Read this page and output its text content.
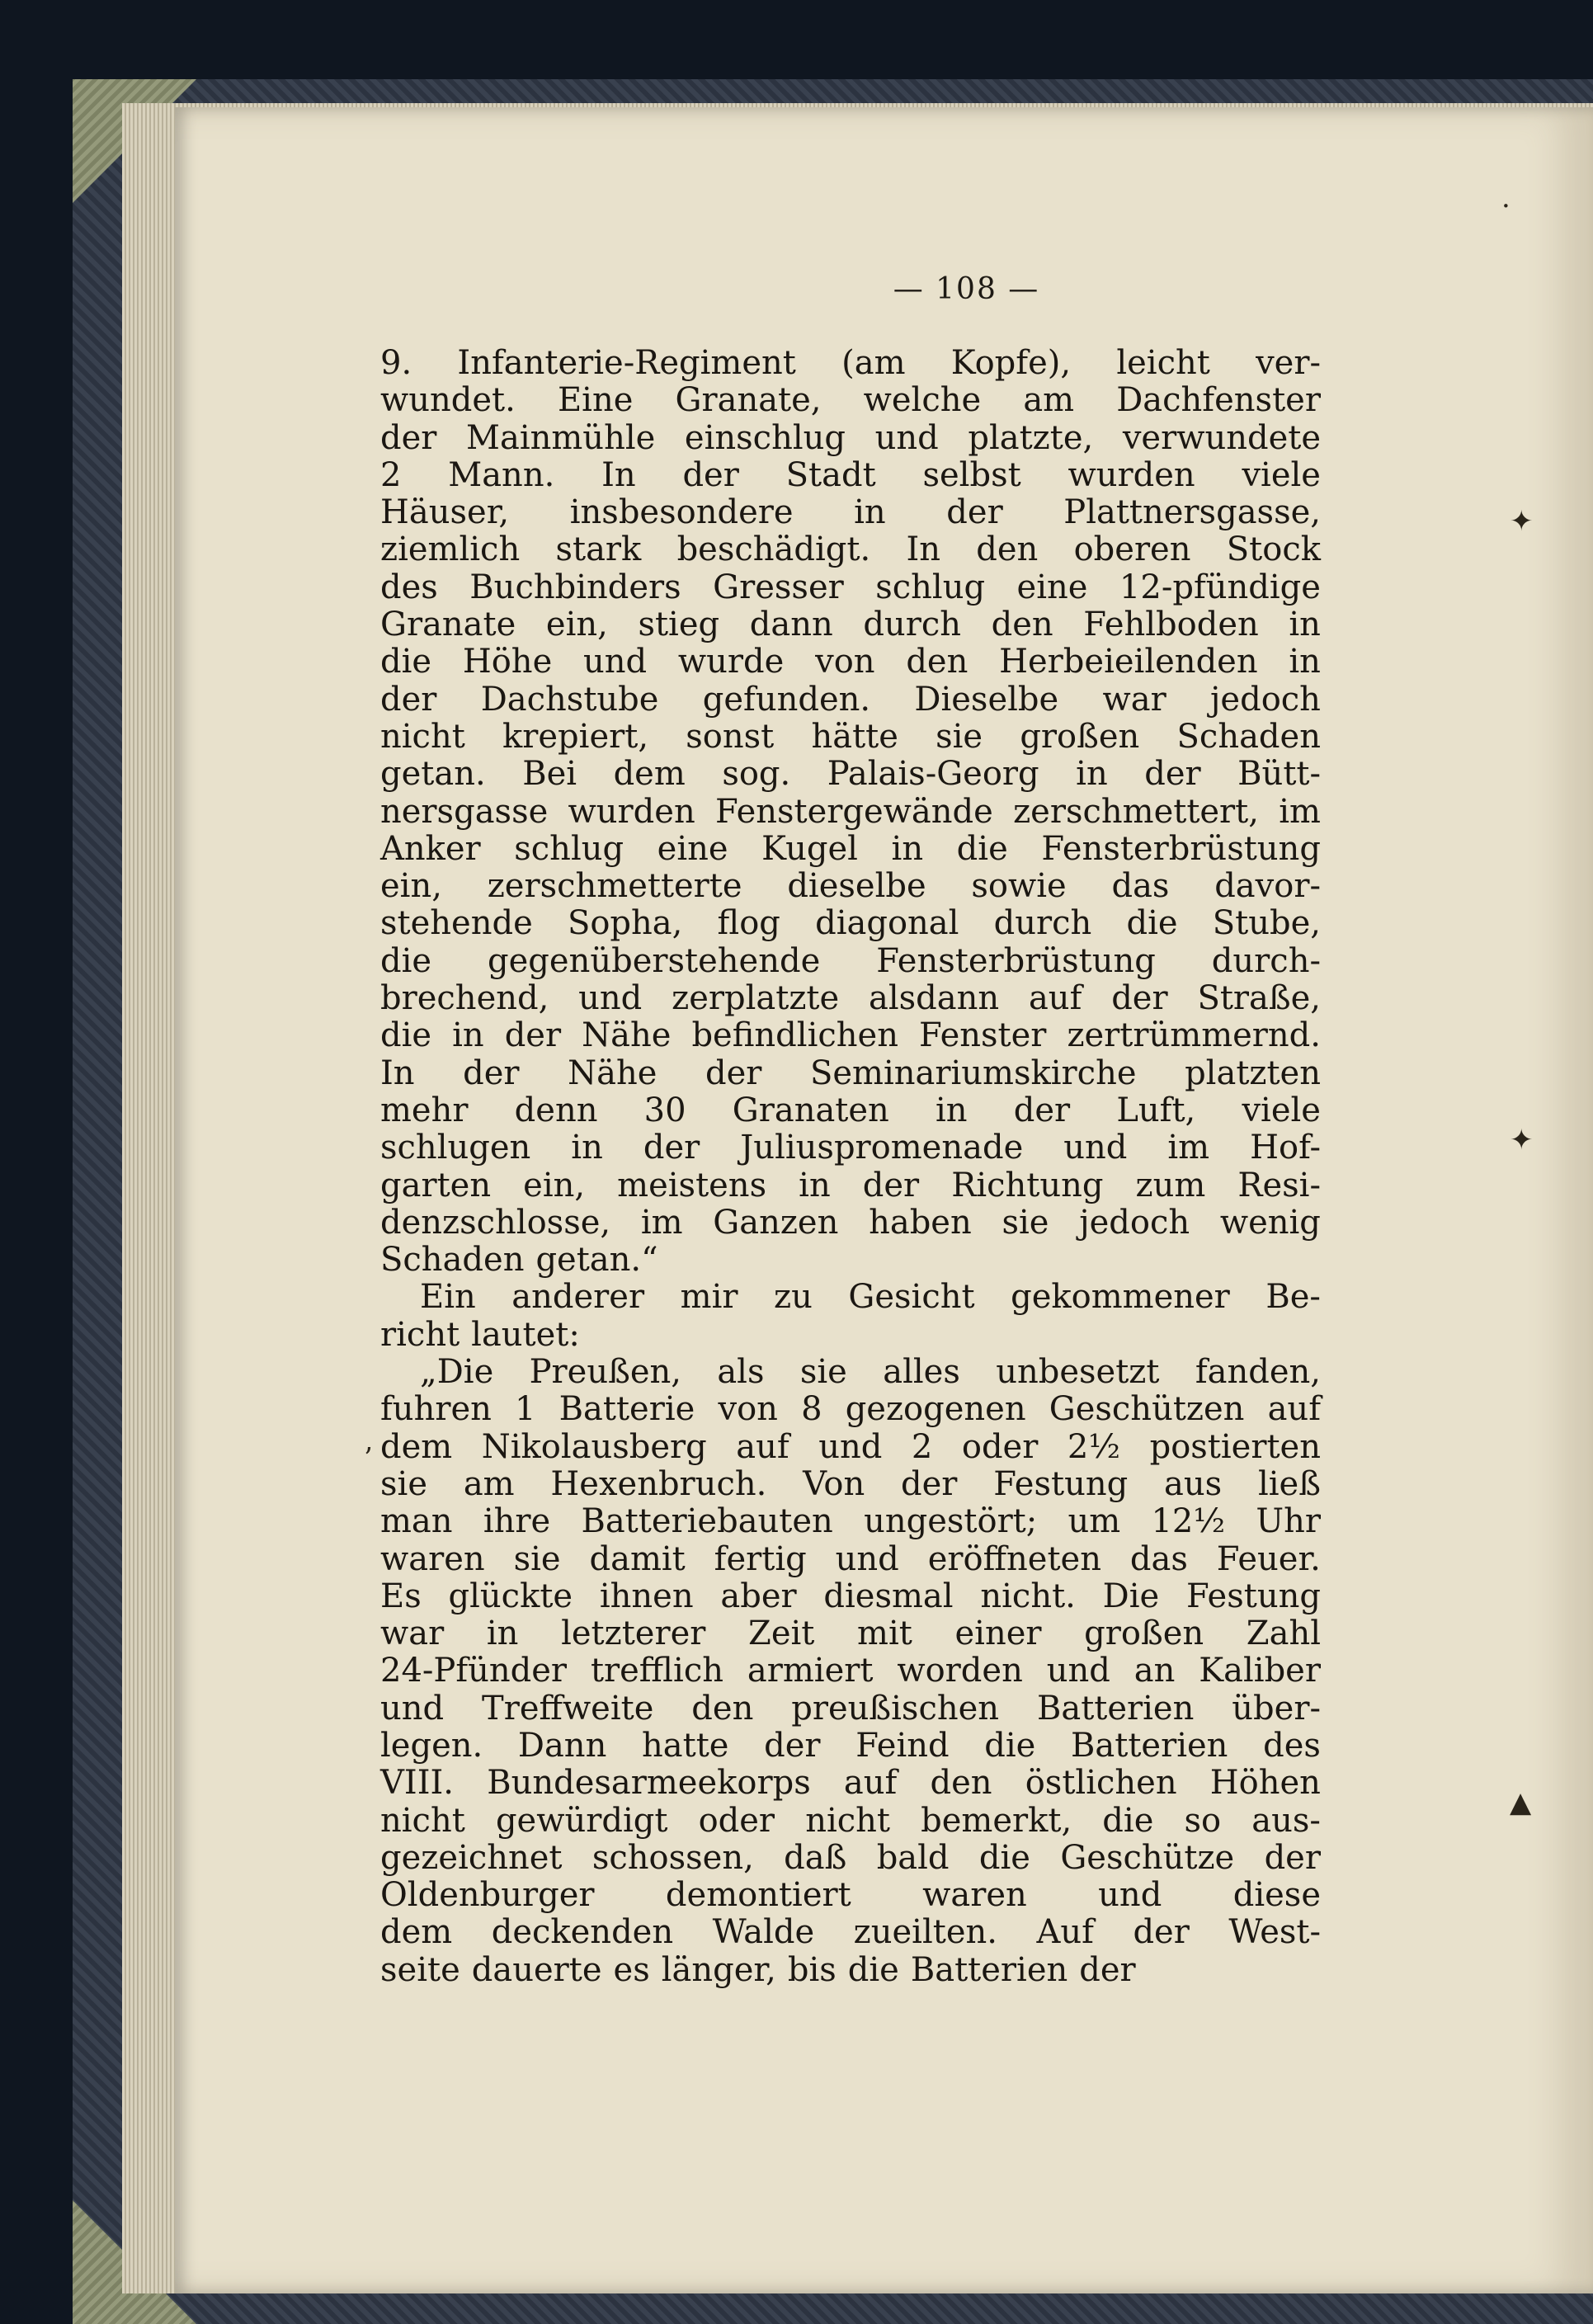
— 108 —
9. Infanterie-Regiment (am Kopfe), leicht ver-
wundet. Eine Granate, welche am Dachfenster
der Mainmühle einschlug und platzte, verwundete
2 Mann. In der Stadt selbst wurden viele
Häuser, insbesondere in der Plattnersgasse,
ziemlich stark beschädigt. In den oberen Stock
des Buchbinders Gresser schlug eine 12-pfündige
Granate ein, stieg dann durch den Fehlboden in
die Höhe und wurde von den Herbeieilenden in
der Dachstube gefunden. Dieselbe war jedoch
nicht krepiert, sonst hätte sie großen Schaden
getan. Bei dem sog. Palais-Georg in der Bütt-
nersgasse wurden Fenstergewände zerschmettert, im
Anker schlug eine Kugel in die Fensterbrüstung
ein, zerschmetterte dieselbe sowie das davor-
stehende Sopha, flog diagonal durch die Stube,
die gegenüberstehende Fensterbrüstung durch-
brechend, und zerplatzte alsdann auf der Straße,
die in der Nähe befindlichen Fenster zertrümmernd.
In der Nähe der Seminariumskirche platzten
mehr denn 30 Granaten in der Luft, viele
schlugen in der Juliuspromenade und im Hof-
garten ein, meistens in der Richtung zum Resi-
denzschlosse, im Ganzen haben sie jedoch wenig
Schaden getan.“
Ein anderer mir zu Gesicht gekommener Be-
richt lautet:
„Die Preußen, als sie alles unbesetzt fanden,
fuhren 1 Batterie von 8 gezogenen Geschützen auf
dem Nikolausberg auf und 2 oder 2½ postierten
sie am Hexenbruch. Von der Festung aus ließ
man ihre Batteriebauten ungestört; um 12½ Uhr
waren sie damit fertig und eröffneten das Feuer.
Es glückte ihnen aber diesmal nicht. Die Festung
war in letzterer Zeit mit einer großen Zahl
24-Pfünder trefflich armiert worden und an Kaliber
und Treffweite den preußischen Batterien über-
legen. Dann hatte der Feind die Batterien des
VIII. Bundesarmeekorps auf den östlichen Höhen
nicht gewürdigt oder nicht bemerkt, die so aus-
gezeichnet schossen, daß bald die Geschütze der
Oldenburger demontiert waren und diese
dem deckenden Walde zueilten. Auf der West-
seite dauerte es länger, bis die Batterien der
·
✦
✦
▲
ʼ
